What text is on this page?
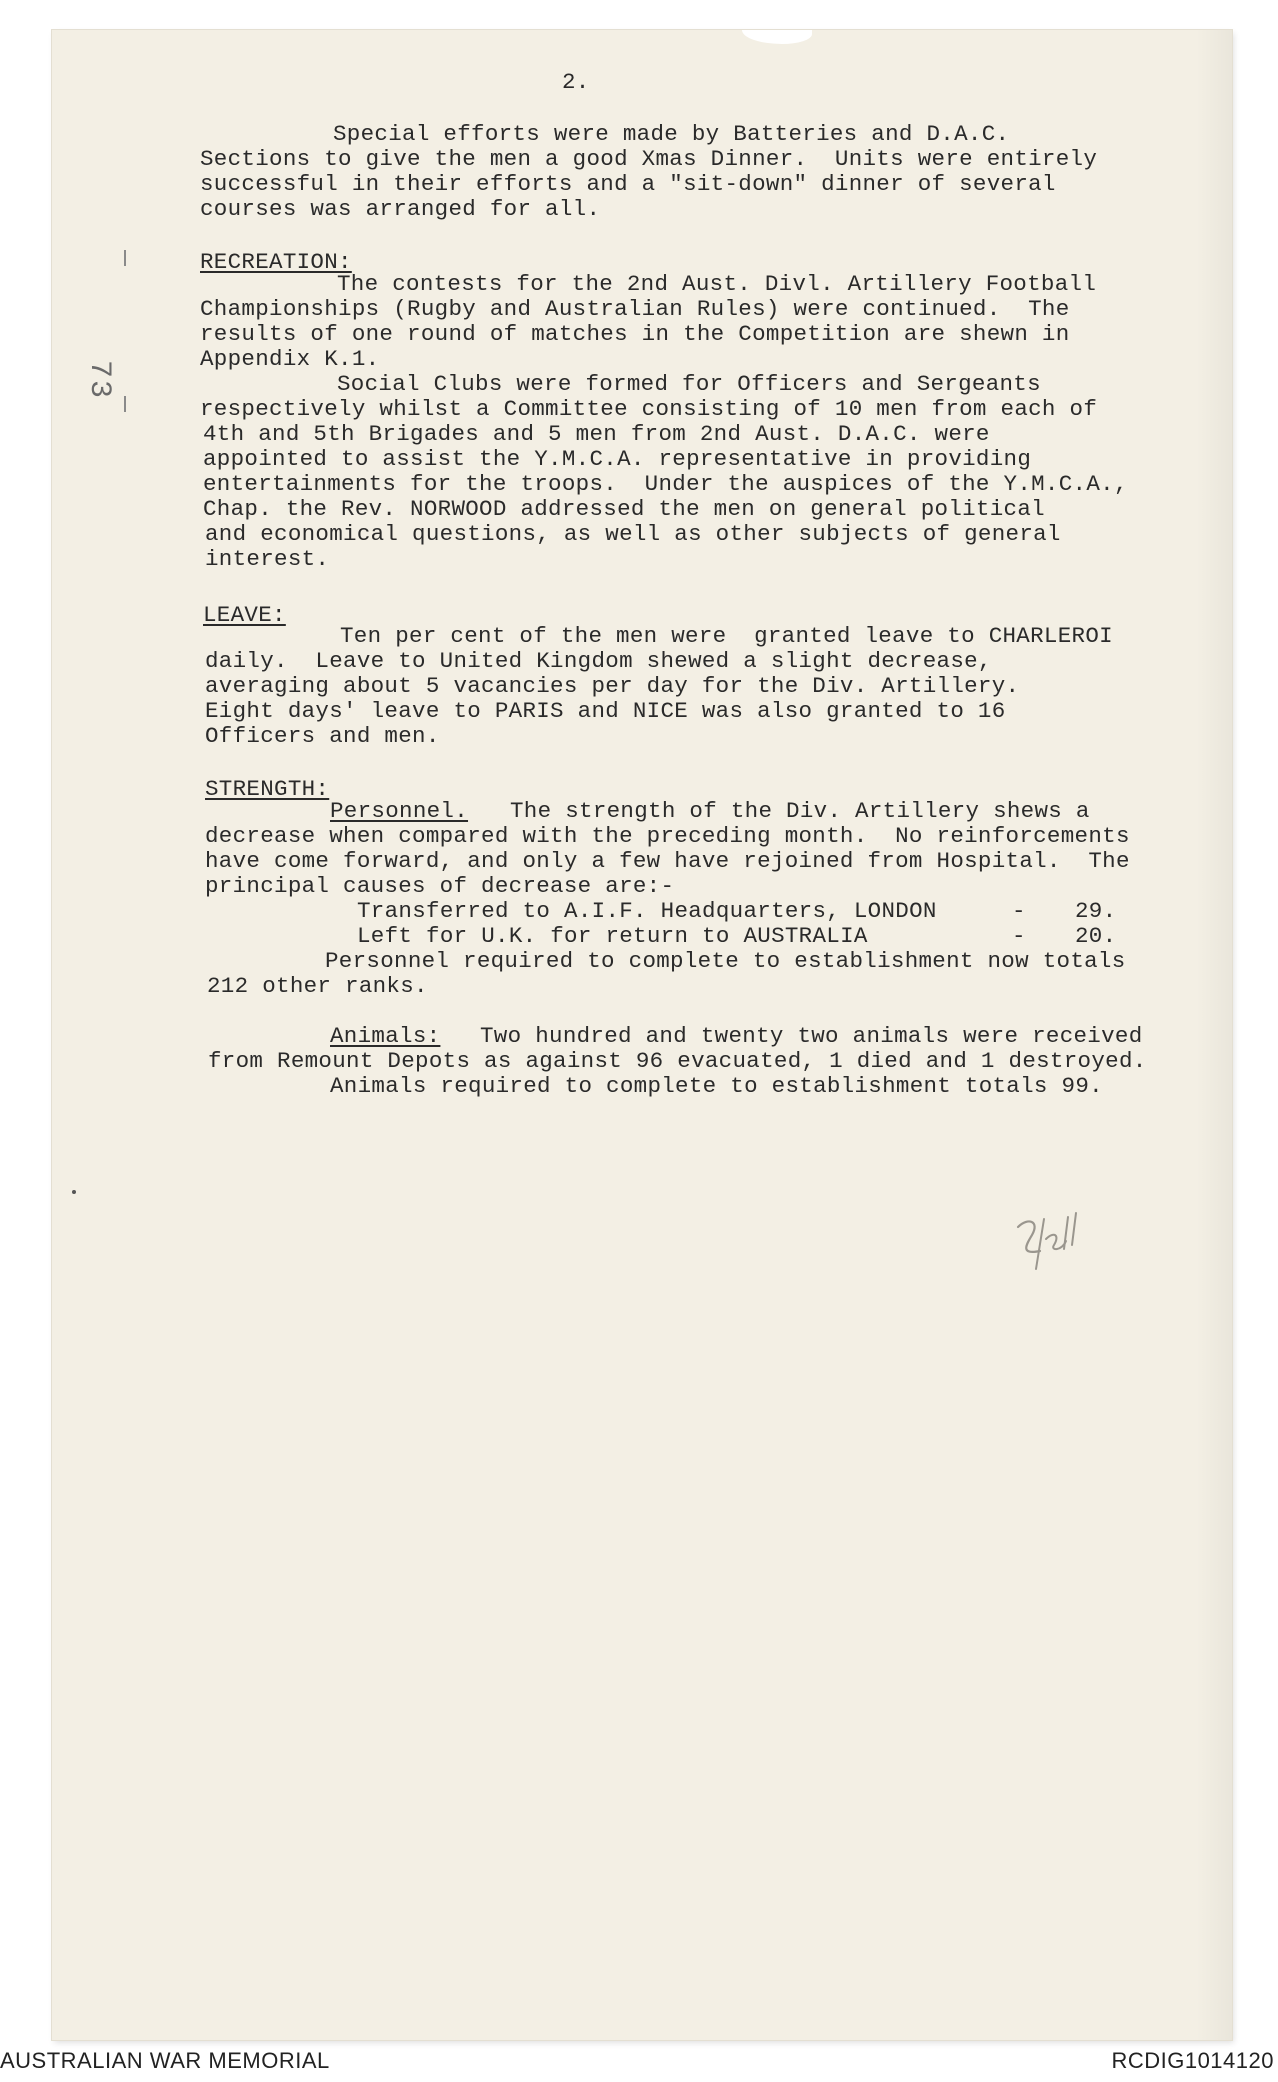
2.
73
Special efforts were made by Batteries and D.A.C.
Sections to give the men a good Xmas Dinner.  Units were entirely
successful in their efforts and a "sit-down" dinner of several
courses was arranged for all.
RECREATION:
The contests for the 2nd Aust. Divl. Artillery Football
Championships (Rugby and Australian Rules) were continued.  The
results of one round of matches in the Competition are shewn in
Appendix K.1.
Social Clubs were formed for Officers and Sergeants
respectively whilst a Committee consisting of 10 men from each of
4th and 5th Brigades and 5 men from 2nd Aust. D.A.C. were
appointed to assist the Y.M.C.A. representative in providing
entertainments for the troops.  Under the auspices of the Y.M.C.A.,
Chap. the Rev. NORWOOD addressed the men on general political
and economical questions, as well as other subjects of general
interest.
LEAVE:
Ten per cent of the men were  granted leave to CHARLEROI
daily.  Leave to United Kingdom shewed a slight decrease,
averaging about 5 vacancies per day for the Div. Artillery.
Eight days' leave to PARIS and NICE was also granted to 16
Officers and men.
STRENGTH:
Personnel. The strength of the Div. Artillery shews a
decrease when compared with the preceding month.  No reinforcements
have come forward, and only a few have rejoined from Hospital.  The
principal causes of decrease are:-
Transferred to A.I.F. Headquarters, LONDON	- 29.
Left for U.K. for return to AUSTRALIA	- 20.
Personnel required to complete to establishment now totals
212 other ranks.
Animals: Two hundred and twenty two animals were received
from Remount Depots as against 96 evacuated, 1 died and 1 destroyed.
Animals required to complete to establishment totals 99.
AUSTRALIAN WAR MEMORIAL	RCDIG1014120
